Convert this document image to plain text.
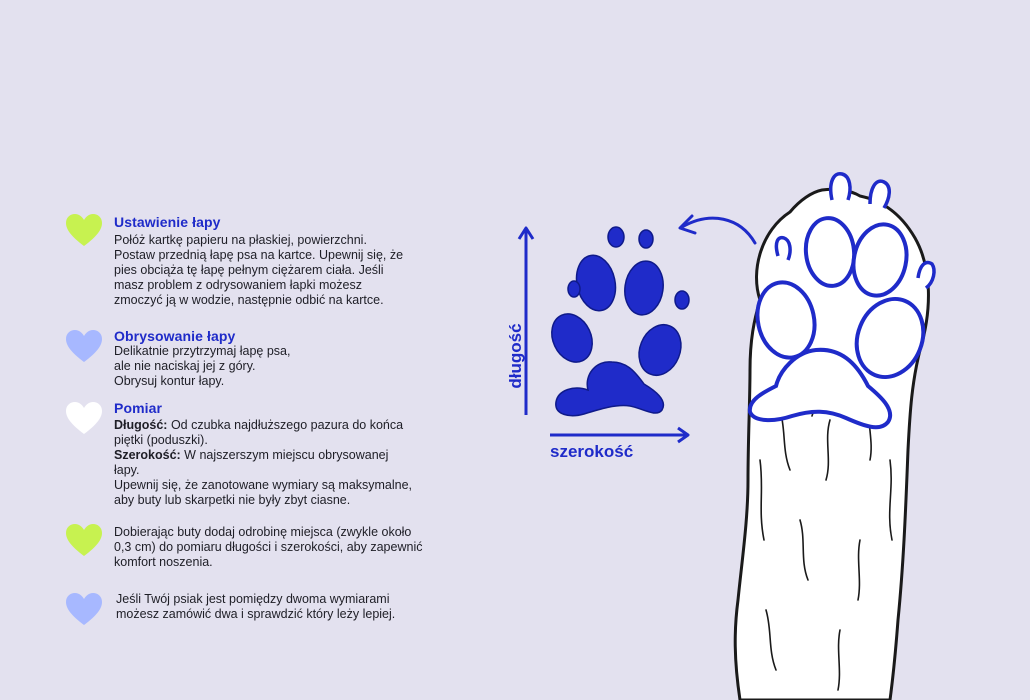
Ustawienie łapy

Połóż kartkę papieru na płaskiej, powierzchni.

Postaw przednią łapę psa na kartce. Upewnij się, że

pies obciąża tę łapę pełnym ciężarem ciała. Jeśli

masz problem z odrysowaniem łapki możesz

zmoczyć ją w wodzie, następnie odbić na kartce.

Obrysowanie łapy

Delikatnie przytrzymaj łapę psa,

ale nie naciskaj jej z góry.

Obrysuj kontur łapy.

Pomiar

Długość: Od czubka najdłuższego pazura do końca

piętki (poduszki).

Szerokość: W najszerszym miejscu obrysowanej

łapy.

Upewnij się, że zanotowane wymiary są maksymalne,

aby buty lub skarpetki nie były zbyt ciasne.

Dobierając buty dodaj odrobinę miejsca (zwykle około

0,3 cm) do pomiaru długości i szerokości, aby zapewnić

komfort noszenia.

Jeśli Twój psiak jest pomiędzy dwoma wymiarami

możesz zamówić dwa i sprawdzić który leży lepiej.

długość
szerokość
